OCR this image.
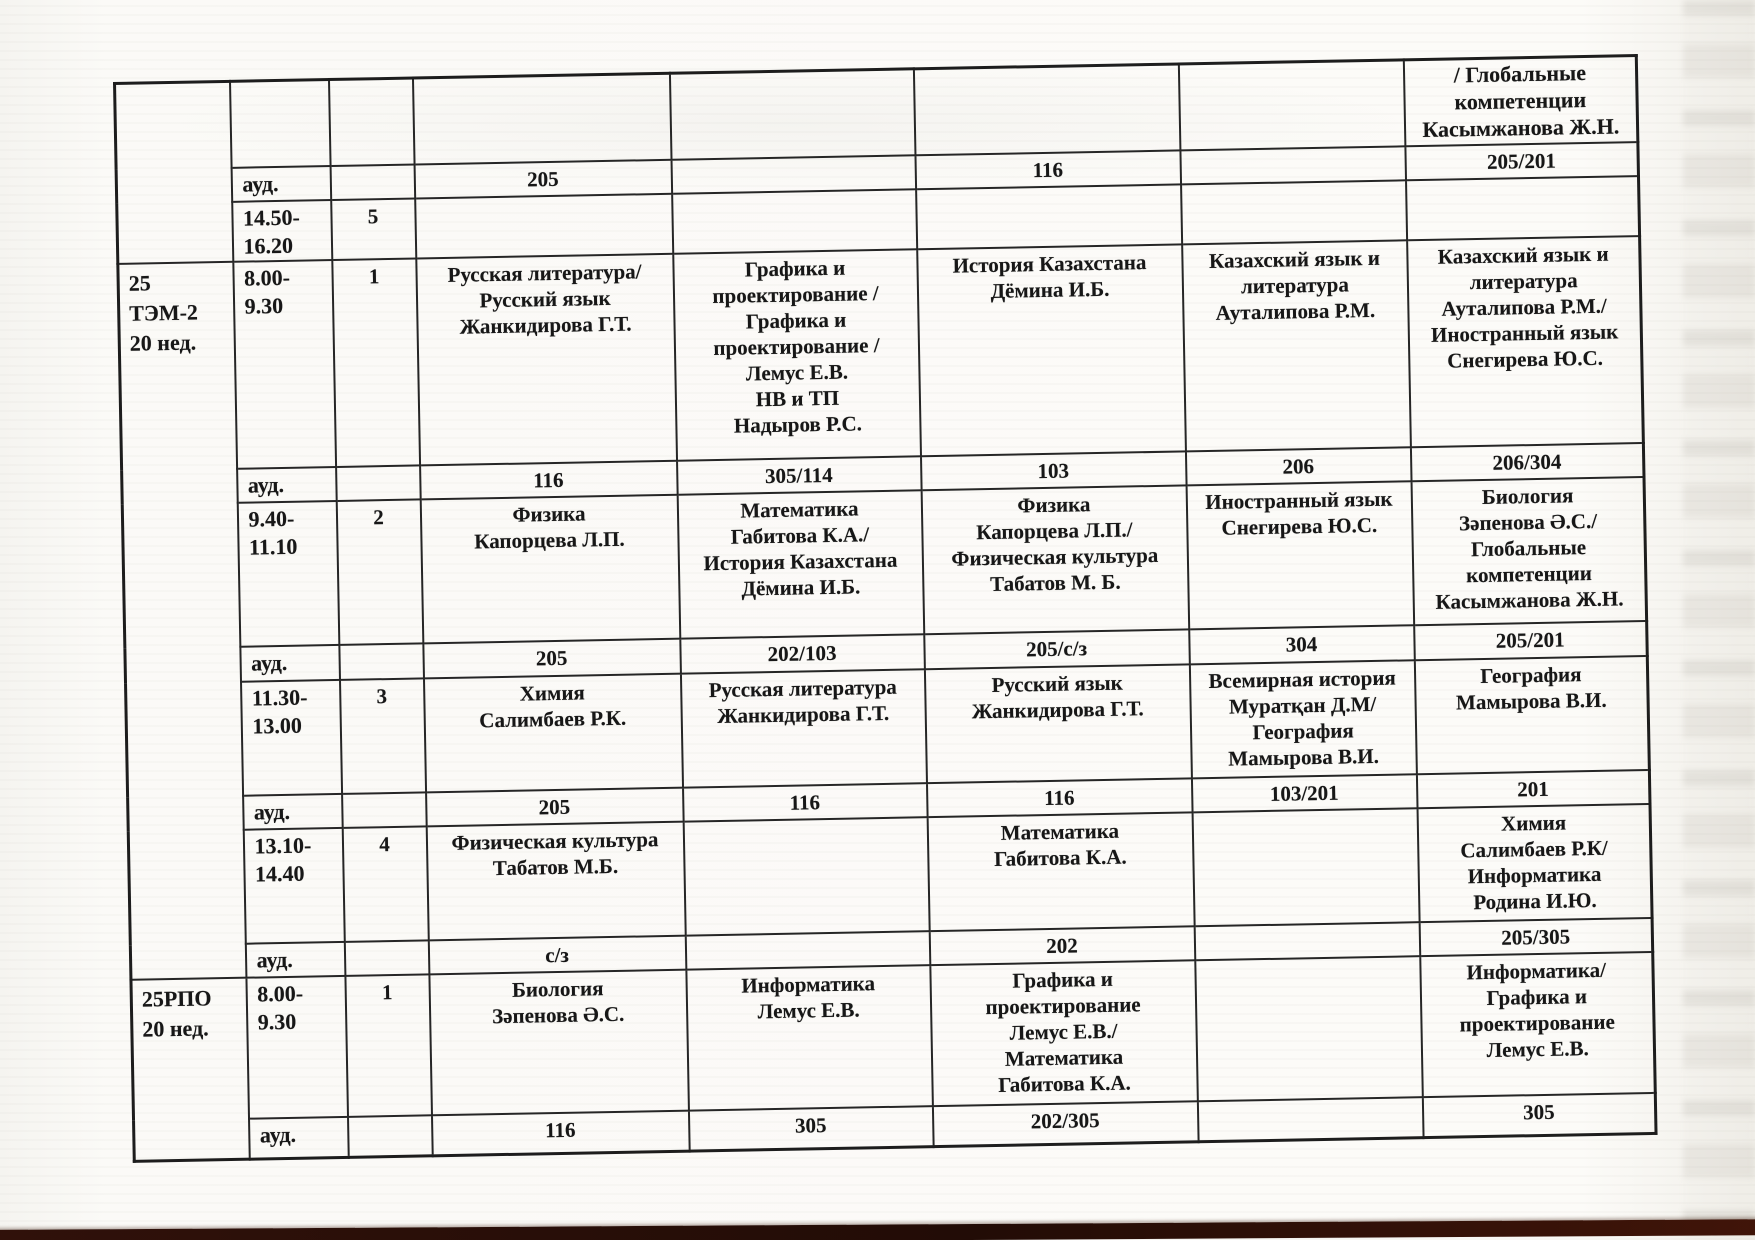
							/ Глобальные
компетенции
Касымжанова Ж.Н.
	ауд.		205		116		205/201
	14.50-
16.20	5					
25
ТЭМ-2
20 нед.	8.00-
9.30	1	Русская литература/
Русский язык
Жанкидирова Г.Т.	Графика и
проектирование /
Графика и
проектирование /
Лемус Е.В.
НВ и ТП
Надыров Р.С.	История Казахстана
Дёмина И.Б.	Казахский язык и
литература
Ауталипова Р.М.	Казахский язык и
литература
Ауталипова Р.М./
Иностранный язык
Снегирева Ю.С.
	ауд.		116	305/114	103	206	206/304
	9.40-
11.10	2	Физика
Капорцева Л.П.	Математика
Габитова К.А./
История Казахстана
Дёмина И.Б.	Физика
Капорцева Л.П./
Физическая культура
Табатов М. Б.	Иностранный язык
Снегирева Ю.С.	Биология
Зәпенова Ә.С./
Глобальные
компетенции
Касымжанова Ж.Н.
	ауд.		205	202/103	205/с/з	304	205/201
	11.30-
13.00	3	Химия
Салимбаев Р.К.	Русская литература
Жанкидирова Г.Т.	Русский язык
Жанкидирова Г.Т.	Всемирная история
Муратқан Д.М/
География
Мамырова В.И.	География
Мамырова В.И.
	ауд.		205	116	116	103/201	201
	13.10-
14.40	4	Физическая культура
Табатов М.Б.		Математика
Габитова К.А.		Химия
Салимбаев Р.К/
Информатика
Родина И.Ю.
	ауд.		с/з		202		205/305
25РПО
20 нед.	8.00-
9.30	1	Биология
Зәпенова Ә.С.	Информатика
Лемус Е.В.	Графика и
проектирование
Лемус Е.В./
Математика
Габитова К.А.		Информатика/
Графика и
проектирование
Лемус Е.В.
	ауд.		116	305	202/305		305
